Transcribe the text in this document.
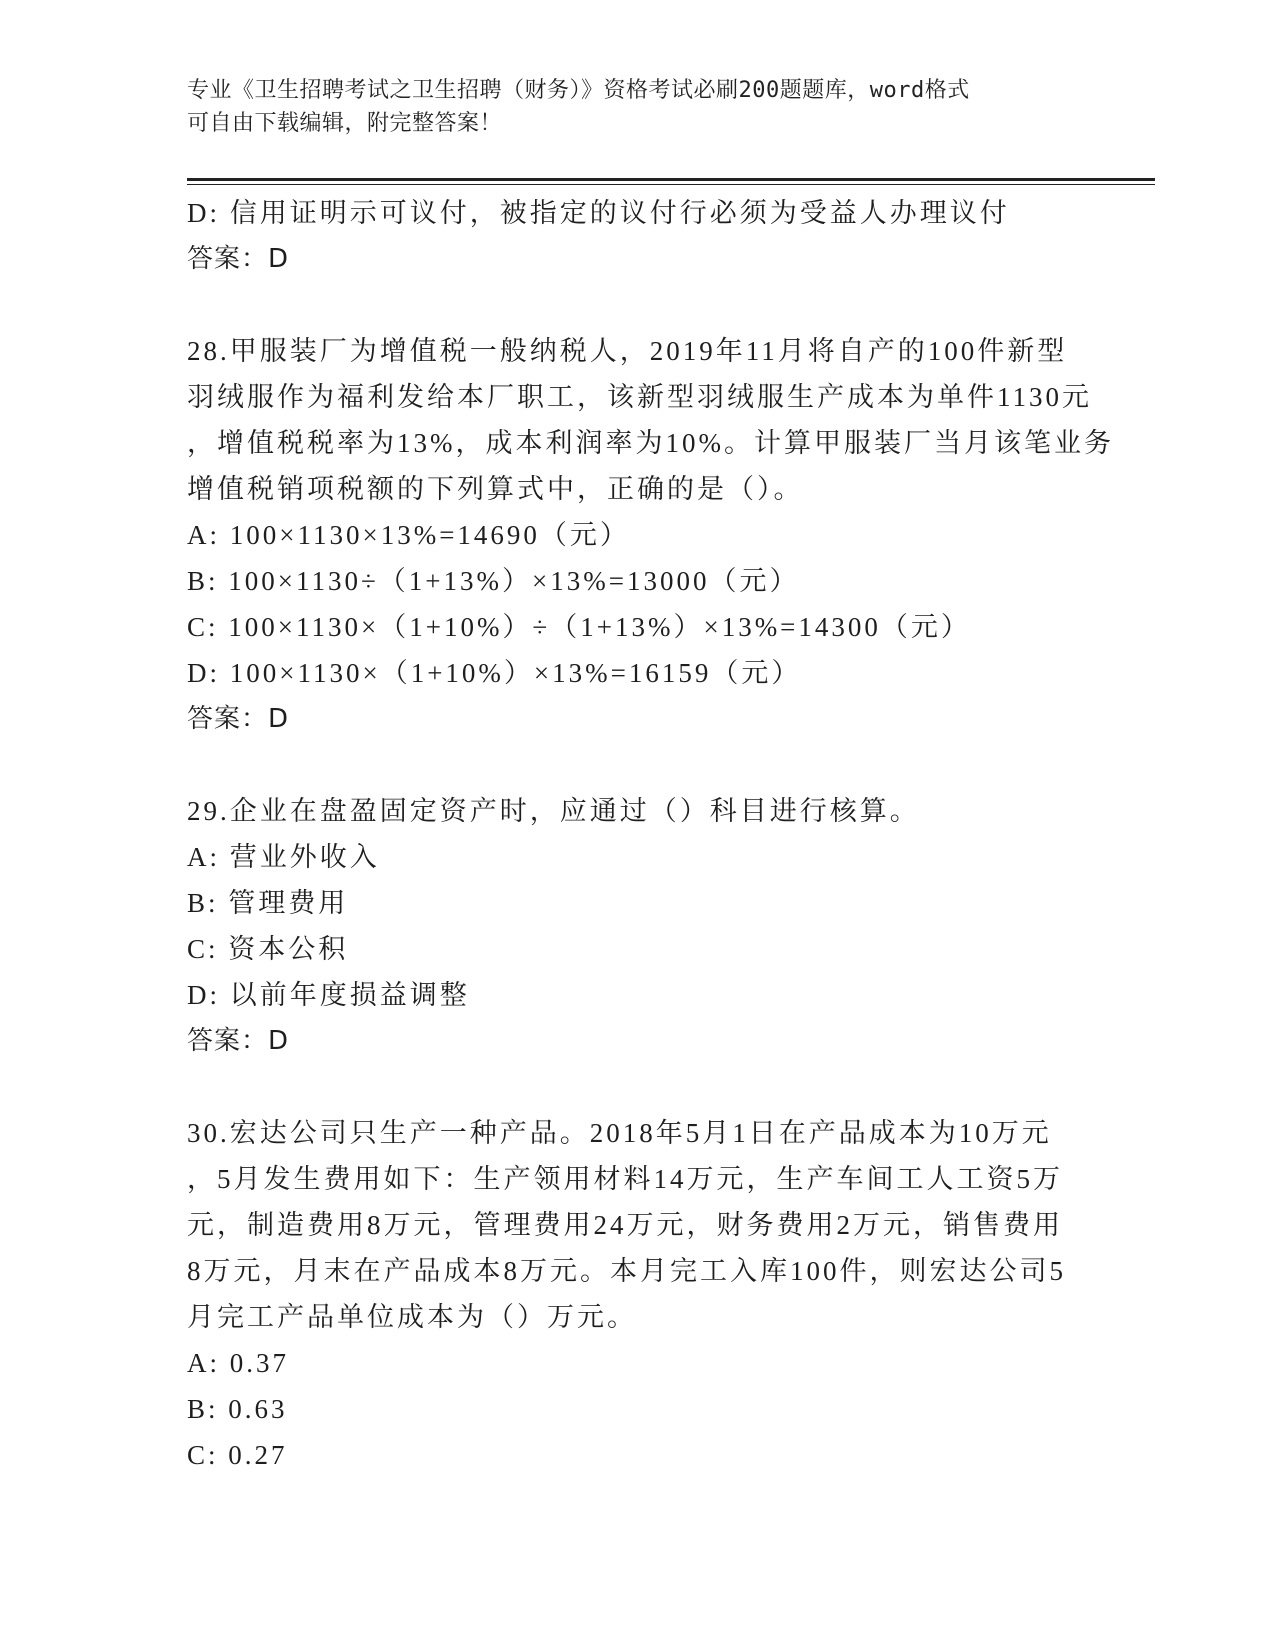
专业《卫生招聘考试之卫生招聘（财务）》资格考试必刷200题题库，word格式
可自由下载编辑，附完整答案！
D: 信用证明示可议付，被指定的议付行必须为受益人办理议付
答案：D
28.甲服装厂为增值税一般纳税人，2019年11月将自产的100件新型
羽绒服作为福利发给本厂职工，该新型羽绒服生产成本为单件1130元
，增值税税率为13%，成本利润率为10%。计算甲服装厂当月该笔业务
增值税销项税额的下列算式中，正确的是（）。
A: 100×1130×13%=14690（元）
B: 100×1130÷（1+13%）×13%=13000（元）
C: 100×1130×（1+10%）÷（1+13%）×13%=14300（元）
D: 100×1130×（1+10%）×13%=16159（元）
答案：D
29.企业在盘盈固定资产时，应通过（）科目进行核算。
A: 营业外收入
B: 管理费用
C: 资本公积
D: 以前年度损益调整
答案：D
30.宏达公司只生产一种产品。2018年5月1日在产品成本为10万元
，5月发生费用如下：生产领用材料14万元，生产车间工人工资5万
元，制造费用8万元，管理费用24万元，财务费用2万元，销售费用
8万元，月末在产品成本8万元。本月完工入库100件，则宏达公司5
月完工产品单位成本为（）万元。
A: 0.37
B: 0.63
C: 0.27
